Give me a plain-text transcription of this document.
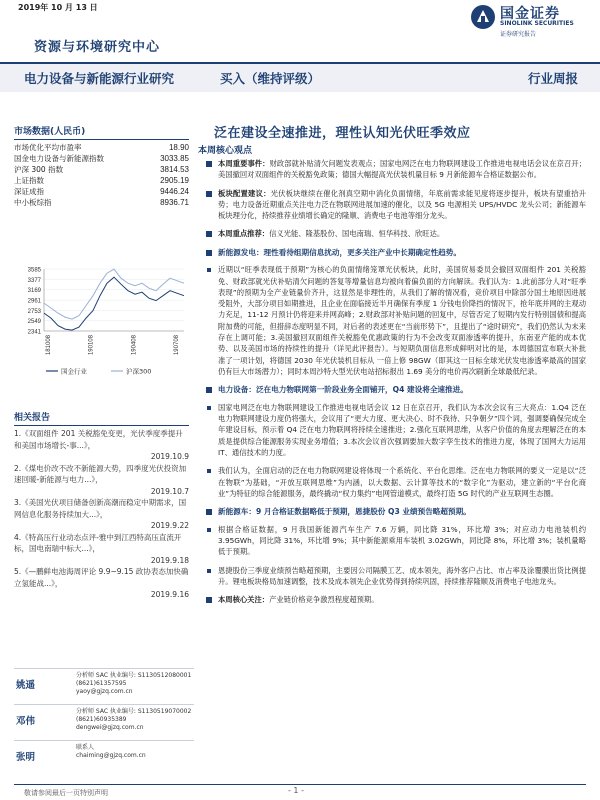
2019年 10 月 13 日
资源与环境研究中心
国金证券
SINOLINK SECURITIES
证券研究报告
电力设备与新能源行业研究	买入（维持评级）	行业周报
市场数据(人民币)
市场优化平均市盈率	18.90
国金电力设备与新能源指数	3033.85
沪深 300 指数	3814.53
上证指数	2905.19
深证成指	9446.24
中小板综指	8936.71
3585
3377
3169
2961
2753
2549
2341
181008	190108	190408	190708
国金行业	沪深300
相关报告
1.《双面组件 201 关税豁免变更，光伏季度季提升和美国市场增长-事...》，
2019.10.9
2.《煤电价改不改不新能源大势，四季度光伏投资加速回暖-新能源与电力...》，
2019.10.7
3.《美国光伏项目储备创新高潮而稳定中期需求，国网信息化服务持续加大...》，
2019.9.22
4.《特高压行业动态点评-雅中到江西特高压直流开标，国电南瑞中标大...》，
2019.9.18
5.《—鹏鲜电池海周评论 9.9~9.15 政协表态加快确立氢能战...》，
2019.9.16
姚遥
分析师 SAC 执业编号: S1130512080001
(8621)61357595
yaoy@gjzq.com.cn
邓伟
分析师 SAC 执业编号: S1130519070002
(8621)60935389
dengwei@gjzq.com.cn
张明
联系人
chaiming@gjzq.com.cn
泛在建设全速推进，理性认知光伏旺季效应
本周核心观点
本周重要事件：财政部就补贴清欠问题发表观点；国家电网泛在电力物联网建设工作推进电视电话会议在京召开；美国撤回对双面组件的关税豁免政策；德国大幅提高光伏装机量目标 9 月新能源车合格证数据公布。
板块配置建议：光伏板块继续在催化剂真空期中消化负面情绪，年底前需求能见度将逐步提升，板块有望重拾升势；电力设备近期重点关注电力泛在物联网进展加速的催化，以及 5G 电源相关 UPS/HVDC 龙头公司；新能源车板块理分化，持续推荐业绩增长确定的隆顺、消费电子电池等细分龙头。
本周重点推荐：信义光能、隆基股份、国电南瑞、恒华科技、欣旺达。
新能源发电：理性看待组期信息扰动，更多关注产业中长期确定性趋势。
近期以“旺季表现低于预期”为核心的负面情绪笼罩光伏板块，此时，美国贸易委员会撤回双面组件 201 关税豁免、财政部就光伏补贴清欠问题的答复等增量信息均被向着偏负面的方向解读。我们认为：1.此前部分人对“旺季表现”的预期为全产业链量价齐升，这显然是非理性的，从我们了解的情况看，竞价项目中除部分国土地原因进展受阻外，大部分项目如期推进，且企业在面临接近半月确保有季度 1 分钱电价降挡的情况下，抢年底并网的主观动力充足，11-12 月预计仍将迎来并网高峰；2.财政部对补贴问题的回复中，尽管否定了短期内发行特别国债和提高附加费的可能，但措辞态度明显不同，对后者的表述更在“当前形势下”，且提出了“途时研究”，我们仍然认为未来存在上调可能；3.美国撤回双面组件关税豁免优惠政策的行为不会改变双面渗透率的提升，东南亚产能的成本优势、以及美国市场的持续性的提升（详见此评报告）。与短期负面信息形成鲜明对比的是，本周德国宣布联大补批准了一项计划，将德国 2030 年光伏装机目标从 一倍上修 98GW（即其这一目标全球光伏发电渗透率最高的国家仍有巨大市场潜力）；同时本周沙特大型光伏电站招标报出 1.69 美分的电价再次刷新全球最低纪录。
电力设备：泛在电力物联网第一阶段业务全面铺开，Q4 建设将全速推进。
国家电网泛在电力物联网建设工作推进电视电话会议 12 日在京召开，我们认为本次会议有三大亮点：1.Q4 泛在电力物联网建设力度仍将强大，会议用了“更大力度、更大决心、时不我待、只争朝夕”四个词，强调要确保完成全年建设目标，预示着 Q4 泛在电力物联网将持续全速推进；2.强化互联网思维，从客户价值的角度去理解泛在的本质是提供综合能源服务实现业务增值；3.本次会议首次强调要加大数字孪生技术的推进力度，体现了国网大力运用 IT、通信技术的力度。
我们认为，全面启动的泛在电力物联网建设将体现一个系统化、平台化思维。泛在电力物联网的要义一定是以“泛在物联”为基础，“开放互联网思维”为内涵，以大数据、云计算等技术的“数字化”为驱动，建立新的“平台化商业”为特征的综合能源服务，最终撬动“权力集约”电网管道模式，最终打造 5G 时代的产业互联网生态圈。
新能源车：9 月合格证数据略低于预期，恩捷股份 Q3 业绩预告略超预期。
根据合格证数据，9 月我国新能源汽车生产 7.6 万辆，同比降 31%，环比增 3%；对应动力电池装机约 3.95GWh，同比降 31%，环比增 9%；其中新能源乘用车装机 3.02GWh，同比降 8%，环比增 3%；装机量略低于预期。
恩捷股份三季度业绩预告略超预期，主要因公司隔膜工艺、成本领先，海外客户占比、市占率及涂覆膜出货比例提升。锂电板块格局加速调整，技术及成本领先企业优势得到持续巩固，持续推荐隆顺及消费电子电池龙头。
本周核心关注：产业链价格竞争激烈程度超预期。
敬请参阅最后一页特别声明	- 1 -
